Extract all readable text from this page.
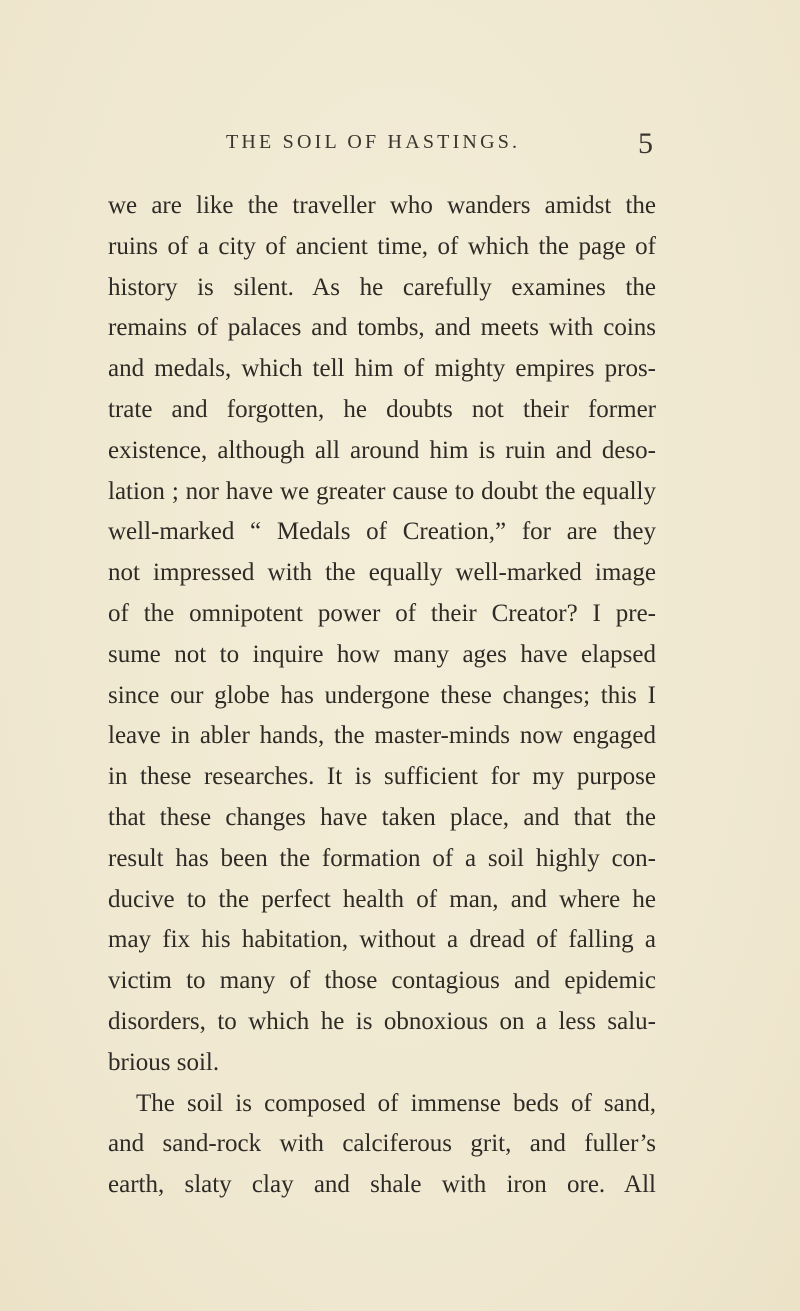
THE SOIL OF HASTINGS.	5
we are like the traveller who wanders amidst the
ruins of a city of ancient time, of which the page of
history is silent. As he carefully examines the
remains of palaces and tombs, and meets with coins
and medals, which tell him of mighty empires pros-
trate and forgotten, he doubts not their former
existence, although all around him is ruin and deso-
lation ; nor have we greater cause to doubt the equally
well-marked “ Medals of Creation,” for are they
not impressed with the equally well-marked image
of the omnipotent power of their Creator? I pre-
sume not to inquire how many ages have elapsed
since our globe has undergone these changes; this I
leave in abler hands, the master-minds now engaged
in these researches. It is sufficient for my purpose
that these changes have taken place, and that the
result has been the formation of a soil highly con-
ducive to the perfect health of man, and where he
may fix his habitation, without a dread of falling a
victim to many of those contagious and epidemic
disorders, to which he is obnoxious on a less salu-
brious soil.
The soil is composed of immense beds of sand,
and sand-rock with calciferous grit, and fuller’s
earth, slaty clay and shale with iron ore. All
